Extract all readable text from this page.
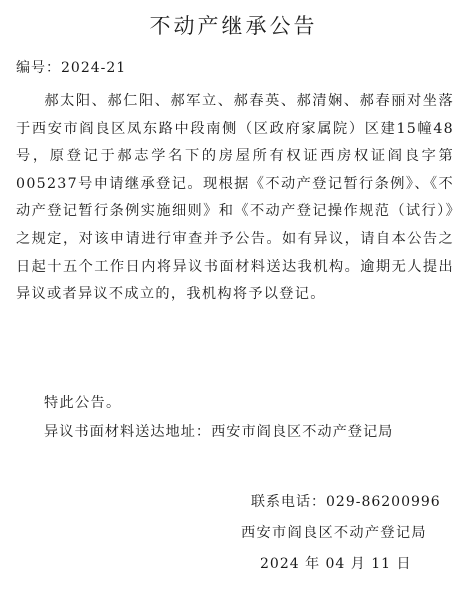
不动产继承公告
编号：2024-21

郝太阳、郝仁阳、郝军立、郝春英、郝清娴、郝春丽对坐落于西安市阎良区凤东路中段南侧（区政府家属院）区建15幢48号，原登记于郝志学名下的房屋所有权证西房权证阎良字第005237号申请继承登记。现根据《不动产登记暂行条例》、《不动产登记暂行条例实施细则》和《不动产登记操作规范（试行）》之规定，对该申请进行审查并予公告。如有异议，请自本公告之日起十五个工作日内将异议书面材料送达我机构。逾期无人提出异议或者异议不成立的，我机构将予以登记。

特此公告。
异议书面材料送达地址：西安市阎良区不动产登记局
联系电话：029-86200996
西安市阎良区不动产登记局
2024 年 04 月 11 日
